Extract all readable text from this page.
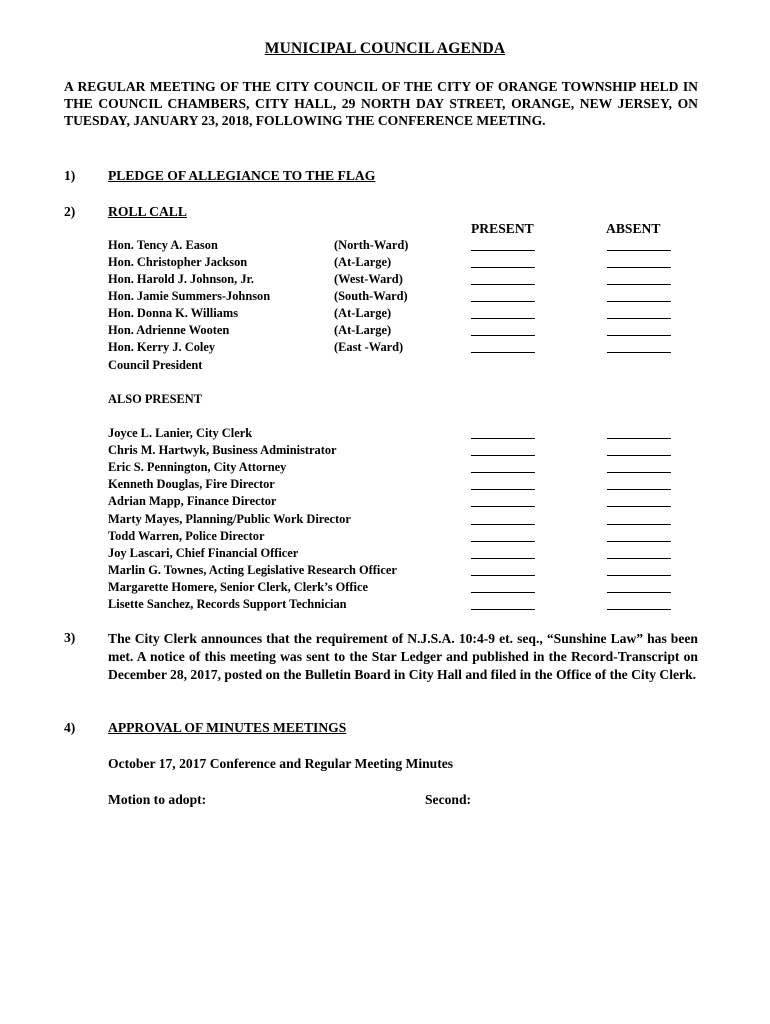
MUNICIPAL COUNCIL AGENDA
A REGULAR MEETING OF THE CITY COUNCIL OF THE CITY OF ORANGE TOWNSHIP HELD IN THE COUNCIL CHAMBERS, CITY HALL, 29 NORTH DAY STREET, ORANGE, NEW JERSEY, ON TUESDAY, JANUARY 23, 2018, FOLLOWING THE CONFERENCE MEETING.
1) PLEDGE OF ALLEGIANCE TO THE FLAG
2) ROLL CALL
PRESENT	ABSENT
Hon. Tency A. Eason	(North-Ward)
Hon. Christopher Jackson	(At-Large)
Hon. Harold J. Johnson, Jr.	(West-Ward)
Hon. Jamie Summers-Johnson	(South-Ward)
Hon. Donna K. Williams	(At-Large)
Hon. Adrienne Wooten	(At-Large)
Hon. Kerry J. Coley	(East -Ward)
Council President
ALSO PRESENT
Joyce L. Lanier, City Clerk
Chris M. Hartwyk, Business Administrator
Eric S. Pennington, City Attorney
Kenneth Douglas, Fire Director
Adrian Mapp, Finance Director
Marty Mayes, Planning/Public Work Director
Todd Warren, Police Director
Joy Lascari, Chief Financial Officer
Marlin G. Townes, Acting Legislative Research Officer
Margarette Homere, Senior Clerk, Clerk’s Office
Lisette Sanchez, Records Support Technician
3) The City Clerk announces that the requirement of N.J.S.A. 10:4-9 et. seq., “Sunshine Law” has been met. A notice of this meeting was sent to the Star Ledger and published in the Record-Transcript on December 28, 2017, posted on the Bulletin Board in City Hall and filed in the Office of the City Clerk.
4) APPROVAL OF MINUTES MEETINGS
October 17, 2017 Conference and Regular Meeting Minutes
Motion to adopt:	Second:
